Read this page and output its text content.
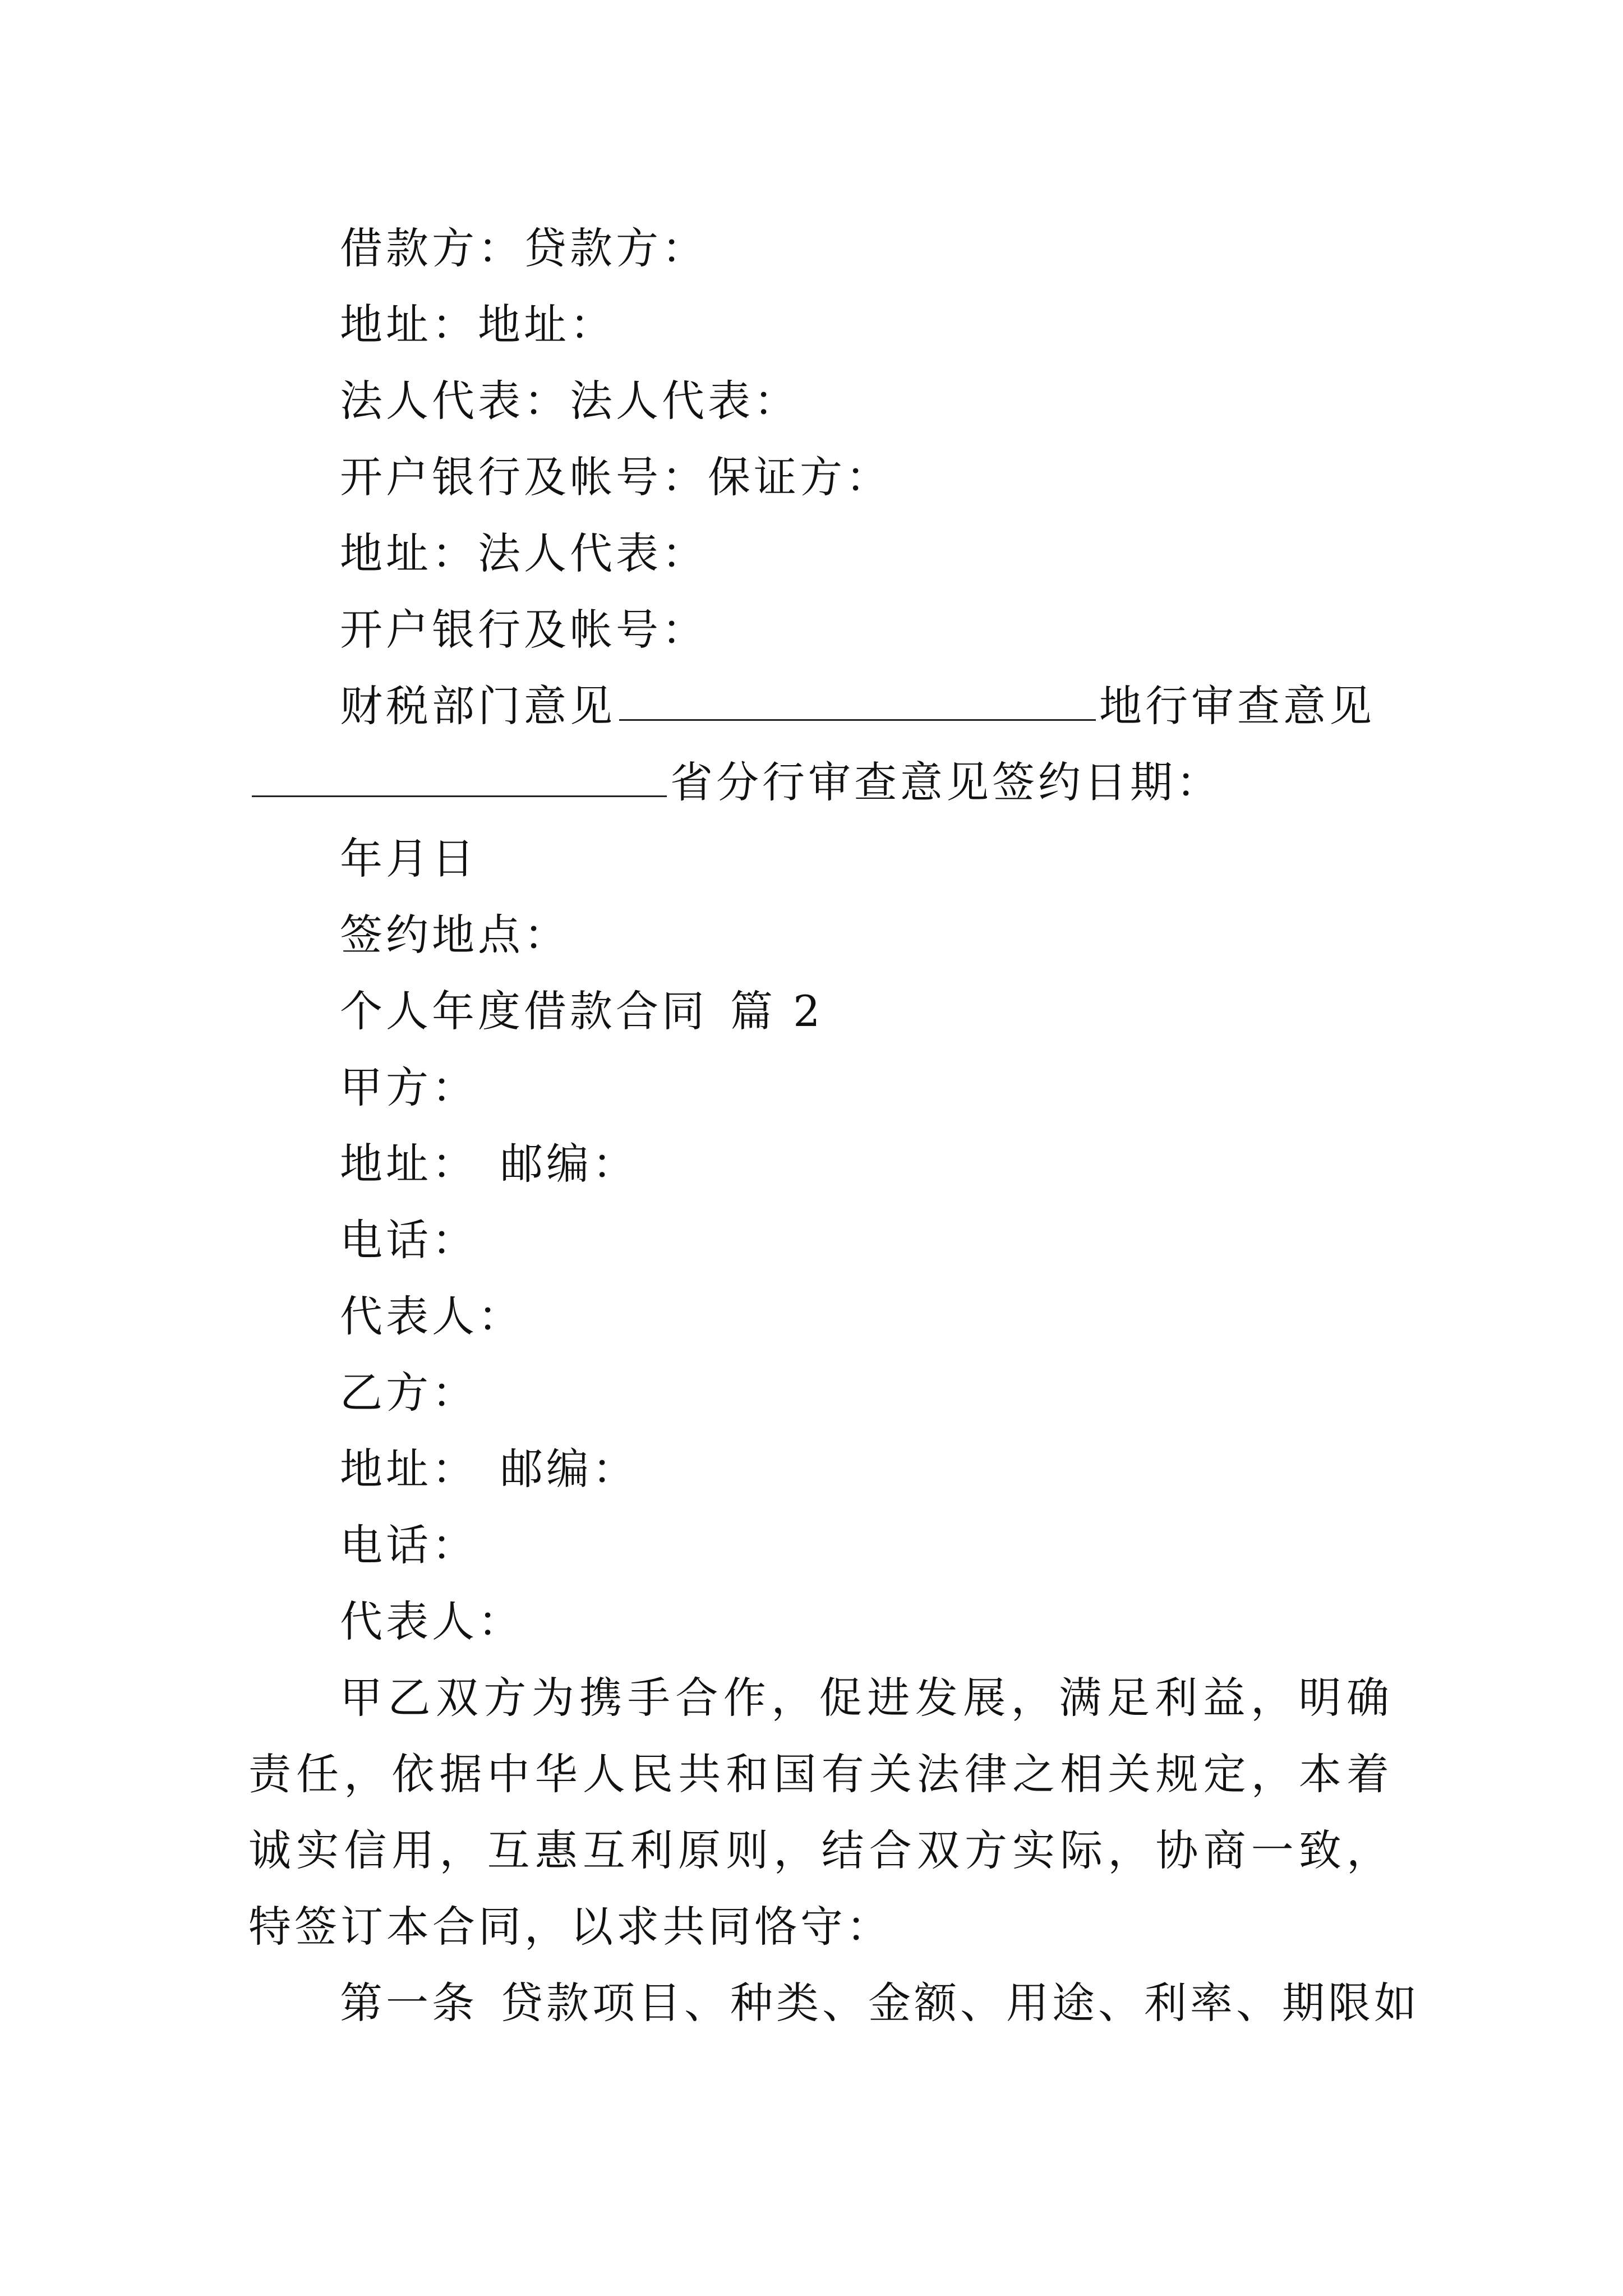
借款方：贷款方：
地址：地址：
法人代表：法人代表：
开户银行及帐号：保证方：
地址：法人代表：
开户银行及帐号：
财税部门意见	地行审查意见
省分行审查意见签约日期：
年月日
签约地点：
个人年度借款合同 篇 2
甲方：
地址： 邮编：
电话：
代表人：
乙方：
地址： 邮编：
电话：
代表人：
甲乙双方为携手合作，促进发展，满足利益，明确责任，依据中华人民共和国有关法律之相关规定，本着诚实信用，互惠互利原则，结合双方实际，协商一致，特签订本合同，以求共同恪守：
第一条 贷款项目、种类、金额、用途、利率、期限如
